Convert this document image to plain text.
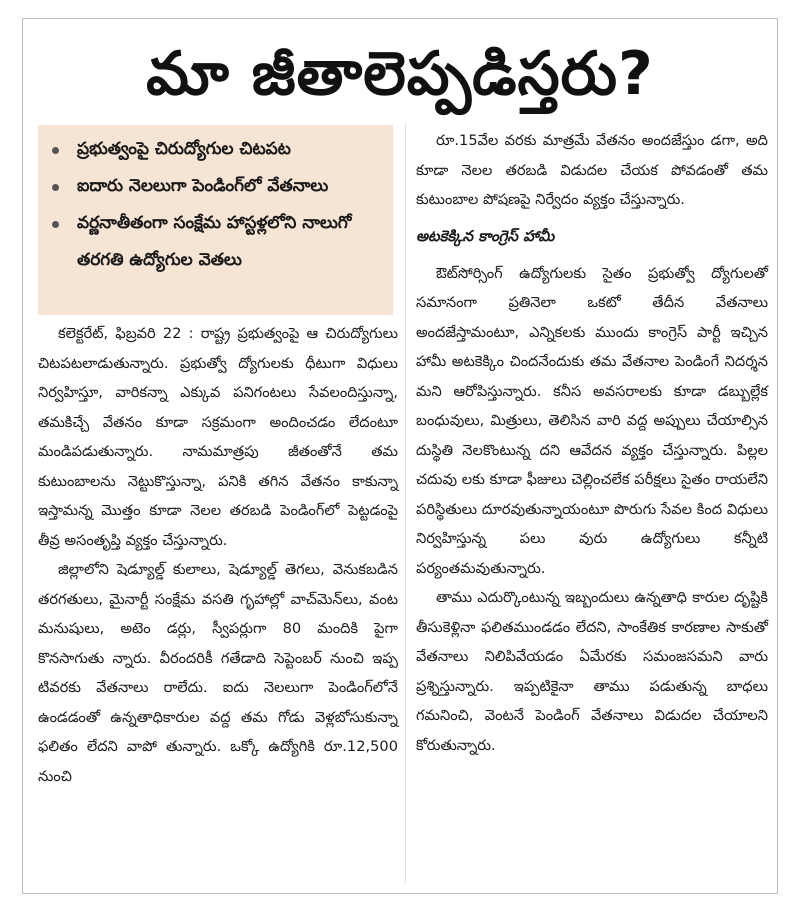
మా జీతాలెప్పడిస్తరు?
ప్రభుత్వంపై చిరుద్యోగుల చిటపట
ఐదారు నెలలుగా పెండింగ్‌లో వేతనాలు
వర్ణనాతీతంగా సంక్షేమ హాస్టళ్లలోని నాలుగో తరగతి ఉద్యోగుల వెతలు

కలెక్టరేట్, ఫిబ్రవరి 22 : రాష్ట్ర ప్రభుత్వంపై ఆ చిరుద్యోగులు చిటపటలాడుతున్నారు. ప్రభుత్వో ద్యోగులకు ధీటుగా విధులు నిర్వహిస్తూ, వారికన్నా ఎక్కువ పనిగంటలు సేవలందిస్తున్నా, తమకిచ్చే వేతనం కూడా సక్రమంగా అందించడం లేదంటూ మండిపడుతున్నారు. నామమాత్రపు జీతంతోనే తమ కుటుంబాలను నెట్టుకొస్తున్నా, పనికి తగిన వేతనం కాకున్నా ఇస్తామన్న మొత్తం కూడా నెలల తరబడి పెండింగ్‌లో పెట్టడంపై తీవ్ర అసంతృప్తి వ్యక్తం చేస్తున్నారు.

జిల్లాలోని షెడ్యూల్డ్ కులాలు, షెడ్యూల్డ్ తెగలు, వెనుకబడిన తరగతులు, మైనార్టీ సంక్షేమ వసతి గృహాల్లో వాచ్‌మెన్‌లు, వంట మనుషులు, అటెం డర్లు, స్వీపర్లుగా 80 మందికి పైగా కొనసాగుతు న్నారు. వీరందరికీ గతేడాది సెప్టెంబర్ నుంచి ఇప్ప టివరకు వేతనాలు రాలేదు. ఐదు నెలలుగా పెండింగ్‌లోనే ఉండడంతో ఉన్నతాధికారుల వద్ద తమ గోడు వెళ్లబోసుకున్నా ఫలితం లేదని వాపో తున్నారు. ఒక్కో ఉద్యోగికి రూ.12,500 నుంచి

రూ.15వేల వరకు మాత్రమే వేతనం అందజేస్తుం డగా, అది కూడా నెలల తరబడి విడుదల చేయక పోవడంతో తమ కుటుంబాల పోషణపై నిర్వేదం వ్యక్తం చేస్తున్నారు.

అటకెక్కిన కాంగ్రెస్ హామీ

ఔట్‌సోర్సింగ్ ఉద్యోగులకు సైతం ప్రభుత్వో ద్యోగులతో సమానంగా ప్రతినెలా ఒకటో తేదీన వేతనాలు అందజేస్తామంటూ, ఎన్నికలకు ముందు కాంగ్రెస్ పార్టీ ఇచ్చిన హామీ అటకెక్కిం చిందనేందుకు తమ వేతనాల పెండింగే నిదర్శన మని ఆరోపిస్తున్నారు. కనీస అవసరాలకు కూడా డబ్బుల్లేక బంధువులు, మిత్రులు, తెలిసిన వారి వద్ద అప్పులు చేయాల్సిన దుస్థితి నెలకొంటున్న దని ఆవేదన వ్యక్తం చేస్తున్నారు. పిల్లల చదువు లకు కూడా ఫీజులు చెల్లించలేక పరీక్షలు సైతం రాయలేని పరిస్థితులు దూరవుతున్నాయంటూ పొరుగు సేవల కింద విధులు నిర్వహిస్తున్న పలు వురు ఉద్యోగులు కన్నీటి పర్యంతమవుతున్నారు.

తాము ఎదుర్కొంటున్న ఇబ్బందులు ఉన్నతాధి కారుల దృష్టికి తీసుకెళ్లినా ఫలితముండడం లేదని, సాంకేతిక కారణాల సాకుతో వేతనాలు నిలిపివేయడం ఏమేరకు సమంజసమని వారు ప్రశ్నిస్తున్నారు. ఇప్పటికైనా తాము పడుతున్న బాధలు గమనించి, వెంటనే పెండింగ్ వేతనాలు విడుదల చేయాలని కోరుతున్నారు.
